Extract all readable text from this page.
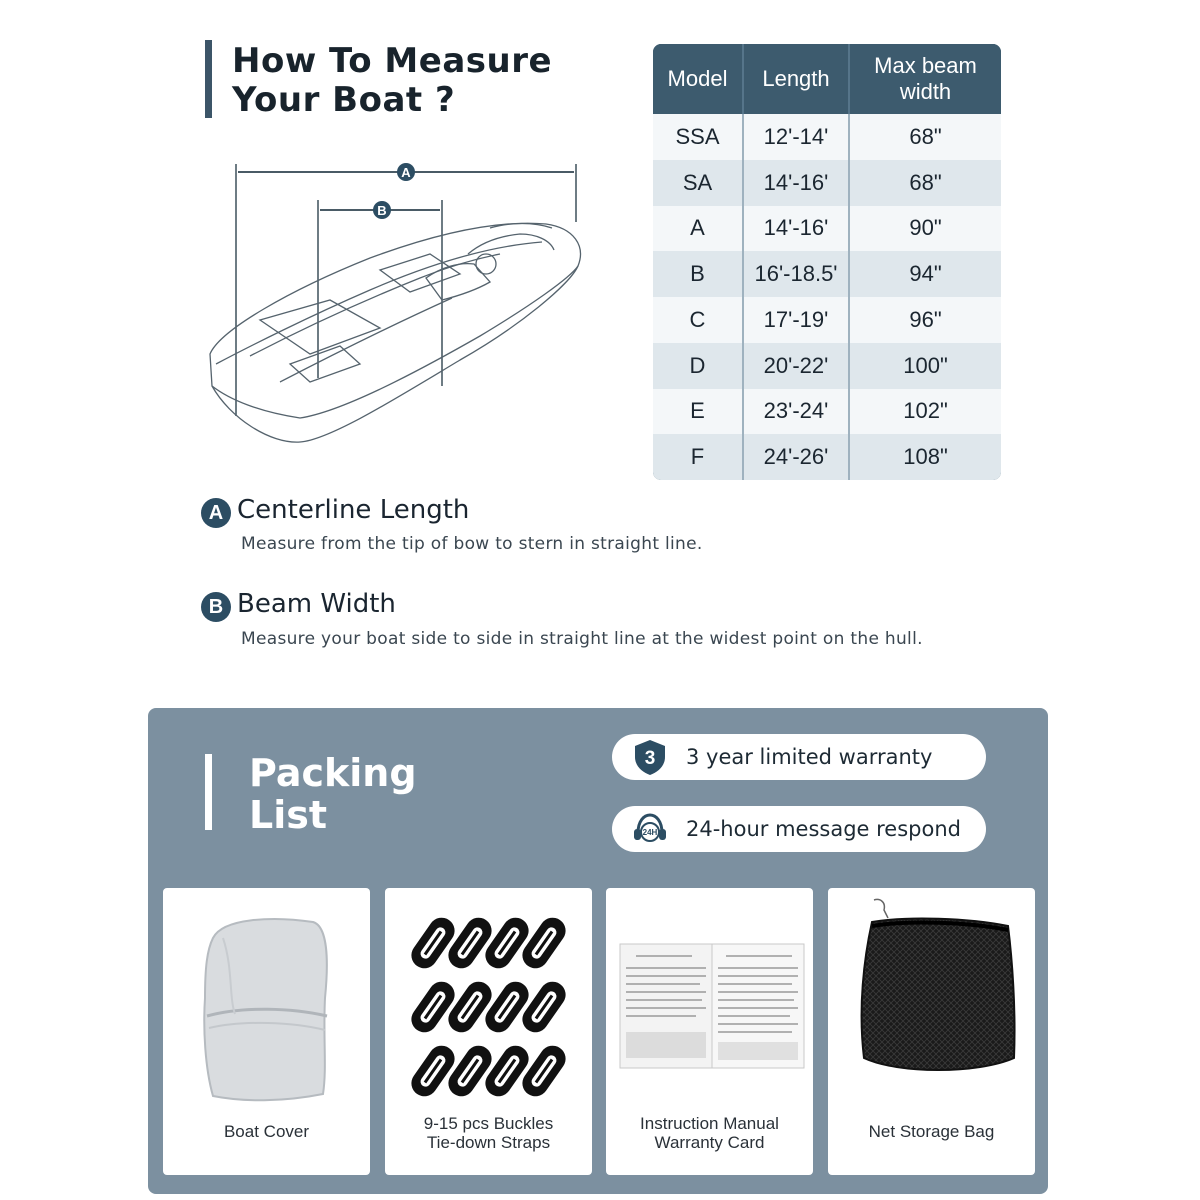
How To Measure
Your Boat ?
A
B
Model	Length	Max beam width
SSA	12'-14'	68"
SA	14'-16'	68"
A	14'-16'	90"
B	16'-18.5'	94"
C	17'-19'	96"
D	20'-22'	100"
E	23'-24'	102"
F	24'-26'	108"
A Centerline Length
Measure from the tip of bow to stern in straight line.
B Beam Width
Measure your boat side to side in straight line at the widest point on the hull.
Packing
List
3 3 year limited warranty
24H 24-hour message respond
Boat Cover	9-15 pcs Buckles
Tie-down Straps
Instruction Manual
Warranty Card
Net Storage Bag
